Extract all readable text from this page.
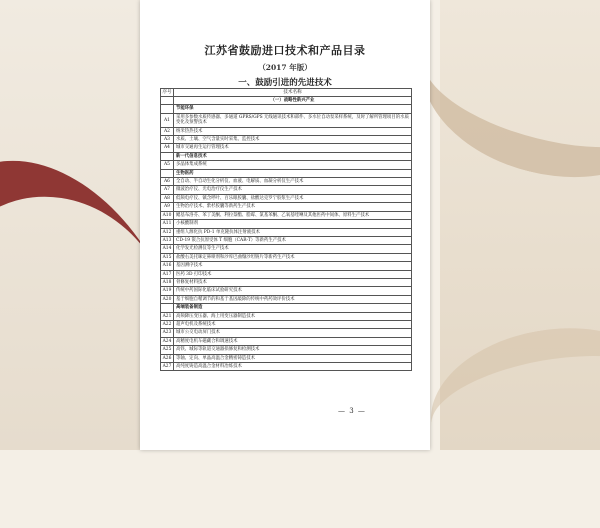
江苏省鼓励进口技术和产品目录
（2017 年版）
一、鼓励引进的先进技术
序号	技术名称
	（一）战略性新兴产业
	节能环保
A1	采用多参数水质传感器、多通道 GPRS/GPS 无线通讯技术和部件、多水位自动泵采样系统，及时了解所管理项目的水质变化及预警技术
A2	纳米热热技术
A3	水质、土壤、空气含量实时采集、监控技术
A4	城市交通再生运行管理技术
	新一代信息技术
A5	多晶体集成系统
	生物医药
A6	全自动、半自动生化分析仪、血液、电解质、血凝分析仪生产技术
A7	微波治疗仪、光电治疗仪生产技术
A8	低频电疗仪、镇含呼叶、百乐眼胶囊、盐酸达克罗宁胶浆生产技术
A9	生物治疗技术、紫杉胶囊等新药生产技术
A10	鳃基布洛芬、苯丁美酮、利拉萘酯、脂霉、氯基苯酮、乙氧基喹啉及其他医药中间体、原料生产技术
A11	小核酸制剂
A12	重组人源化抗 PD-1 单克隆抗体注射液技术
A13	CD-19 嵌合抗原受体 T 细胞（CAR-T）等新药生产技术
A14	化学发光检测仪等生产技术
A15	盐酸右美托咪定鼻喷剂和沙库巴曲缬沙坦钠片等新药生产技术
A16	基因测序技术
A17	医药 3D 打印技术
A18	骨修复材料技术
A19	传统中药国际化临床试验研究技术
A20	基于细胞自噬调节的和基于基因敲除的传统中药药效评价技术
	高端装备制造
A21	高频降压变压器、海上用变压器制造技术
A22	超声电机及系统技术
A23	城市公交电动屏门技术
A24	高精度电机车磁藏合和调速技术
A25	高铁、城际等轨道交通器损修复和检测技术
A26	等轴、定向、单晶高温合金精密铸造技术
A27	高纯度铸造高温合金材料冶炼技术
— 3 —
